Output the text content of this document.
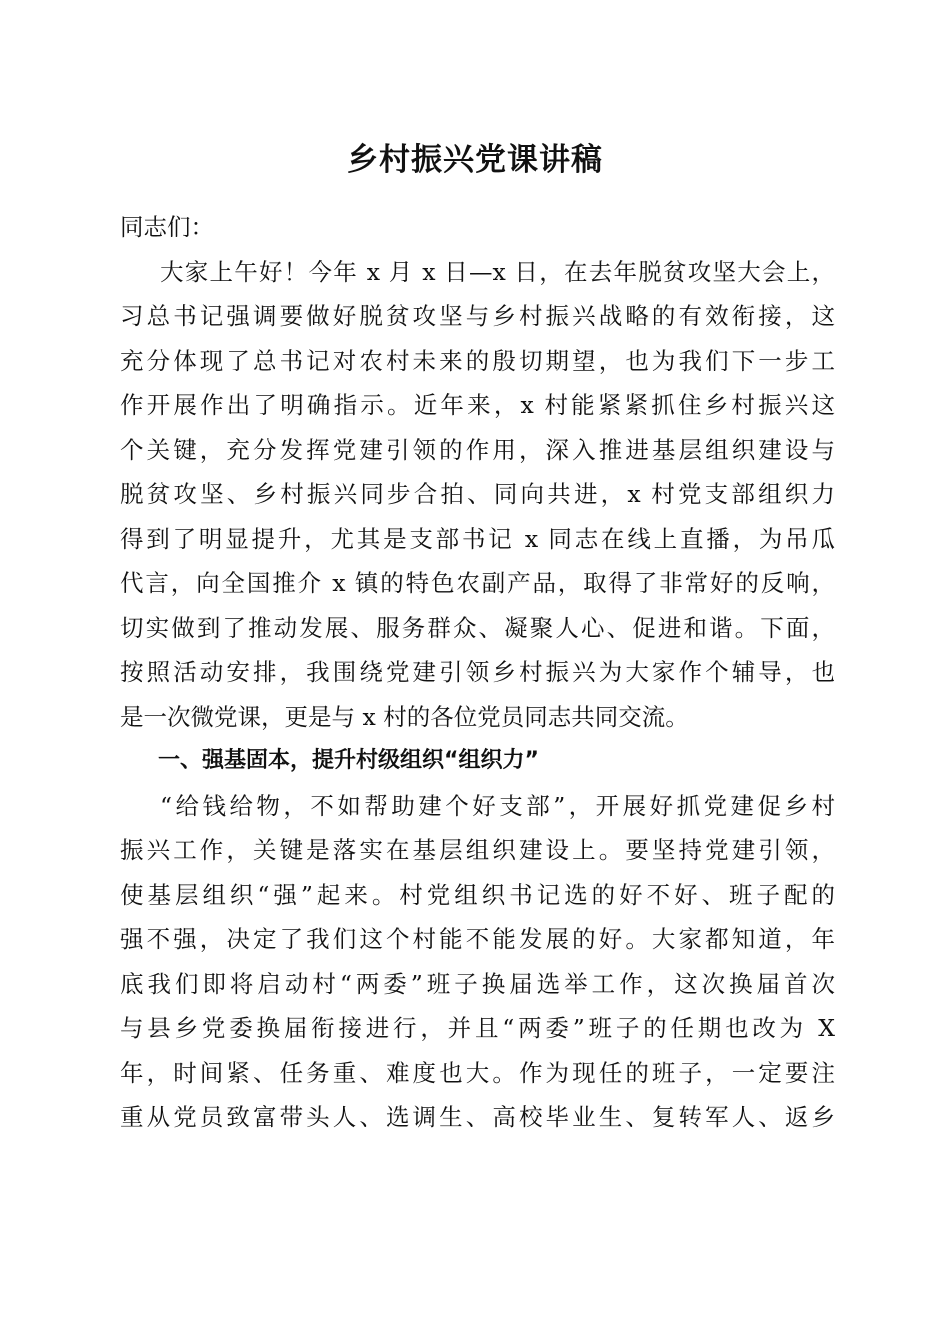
乡村振兴党课讲稿
同志们：
大家上午好！今年 x 月 x 日—x 日，在去年脱贫攻坚大会上，
习总书记强调要做好脱贫攻坚与乡村振兴战略的有效衔接，这
充分体现了总书记对农村未来的殷切期望，也为我们下一步工
作开展作出了明确指示。近年来，x 村能紧紧抓住乡村振兴这
个关键，充分发挥党建引领的作用，深入推进基层组织建设与
脱贫攻坚、乡村振兴同步合拍、同向共进，x 村党支部组织力
得到了明显提升，尤其是支部书记 x 同志在线上直播，为吊瓜
代言，向全国推介 x 镇的特色农副产品，取得了非常好的反响，
切实做到了推动发展、服务群众、凝聚人心、促进和谐。下面，
按照活动安排，我围绕党建引领乡村振兴为大家作个辅导，也
是一次微党课，更是与 x 村的各位党员同志共同交流。
一、强基固本，提升村级组织“组织力”
“给钱给物，不如帮助建个好支部”，开展好抓党建促乡村
振兴工作，关键是落实在基层组织建设上。要坚持党建引领，
使基层组织“强”起来。村党组织书记选的好不好、班子配的
强不强，决定了我们这个村能不能发展的好。大家都知道，年
底我们即将启动村“两委”班子换届选举工作，这次换届首次
与县乡党委换届衔接进行，并且“两委”班子的任期也改为 X
年，时间紧、任务重、难度也大。作为现任的班子，一定要注
重从党员致富带头人、选调生、高校毕业生、复转军人、返乡
